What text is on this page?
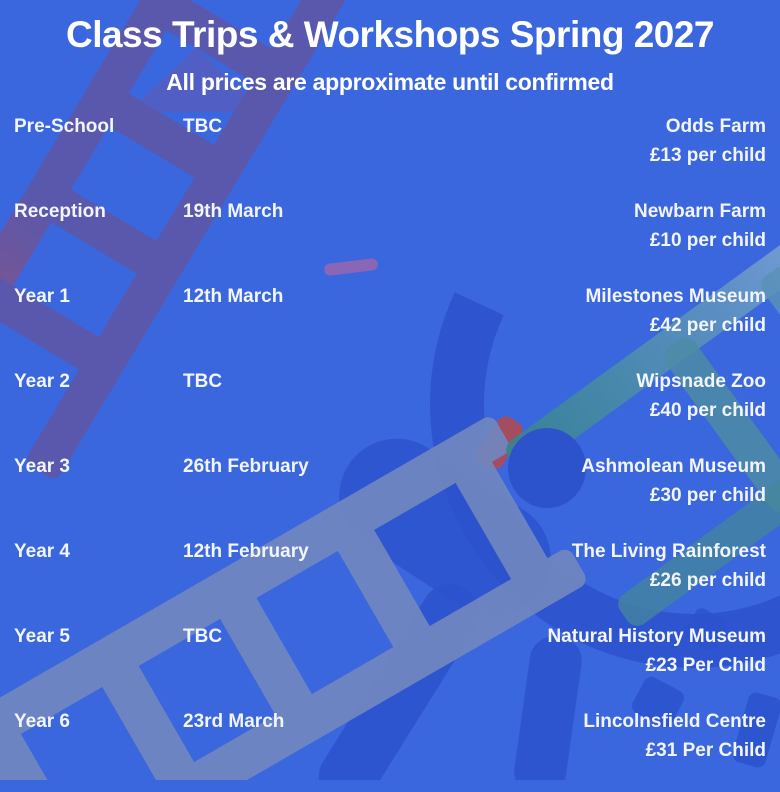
Class Trips & Workshops Spring 2027
All prices are approximate until confirmed
Pre-School	TBC	Odds Farm
£13 per child
Reception	19th March	Newbarn Farm
£10 per child
Year 1	12th March	Milestones Museum
£42 per child
Year 2	TBC	Wipsnade Zoo
£40 per child
Year 3	26th February	Ashmolean Museum
£30 per child
Year 4	12th February	The Living Rainforest
£26 per child
Year 5	TBC	Natural History Museum
£23 Per Child
Year 6	23rd March	Lincolnsfield Centre
£31 Per Child
